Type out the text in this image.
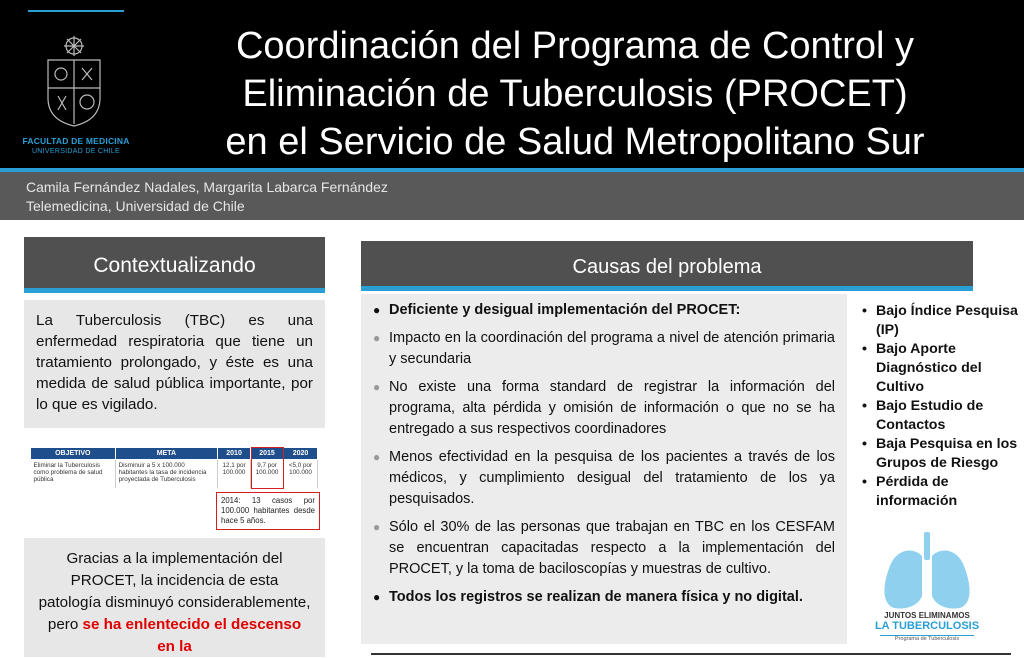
FACULTAD DE MEDICINA
UNIVERSIDAD DE CHILE
Coordinación del Programa de Control y
Eliminación de Tuberculosis (PROCET)
en el Servicio de Salud Metropolitano Sur
Camila Fernández Nadales, Margarita Labarca Fernández
Telemedicina, Universidad de Chile
Contextualizando

La Tuberculosis (TBC) es una enfermedad respiratoria que tiene un tratamiento prolongado, y éste es una medida de salud pública importante, por lo que es vigilado.

OBJETIVO	META	2010	2015	2020
Eliminar la Tuberculosis como problema de salud pública	Disminuir a 5 x 100.000 habitantes la tasa de incidencia proyectada de Tuberculosis	12,1 por 100.000	9,7 por 100.000	<5,0 por 100.000
2014: 13 casos por 100.000 habitantes desde hace 5 años.

Gracias a la implementación del PROCET, la incidencia de esta patología disminuyó considerablemente, pero se ha enlentecido el descenso en la

Causas del problema
● Deficiente y desigual implementación del PROCET:
● Impacto en la coordinación del programa a nivel de atención primaria y secundaria
● No existe una forma standard de registrar la información del programa, alta pérdida y omisión de información o que no se ha entregado a sus respectivos coordinadores
● Menos efectividad en la pesquisa de los pacientes a través de los médicos, y cumplimiento desigual del tratamiento de los ya pesquisados.
● Sólo el 30% de las personas que trabajan en TBC en los CESFAM se encuentran capacitadas respecto a la implementación del PROCET, y la toma de baciloscopías y muestras de cultivo.
● Todos los registros se realizan de manera física y no digital.
• Bajo Índice Pesquisa (IP)
• Bajo Aporte Diagnóstico del Cultivo
• Bajo Estudio de Contactos
• Baja Pesquisa en los Grupos de Riesgo
• Pérdida de información
JUNTOS ELIMINAMOS
LA TUBERCULOSIS
Programa de Tuberculosis
